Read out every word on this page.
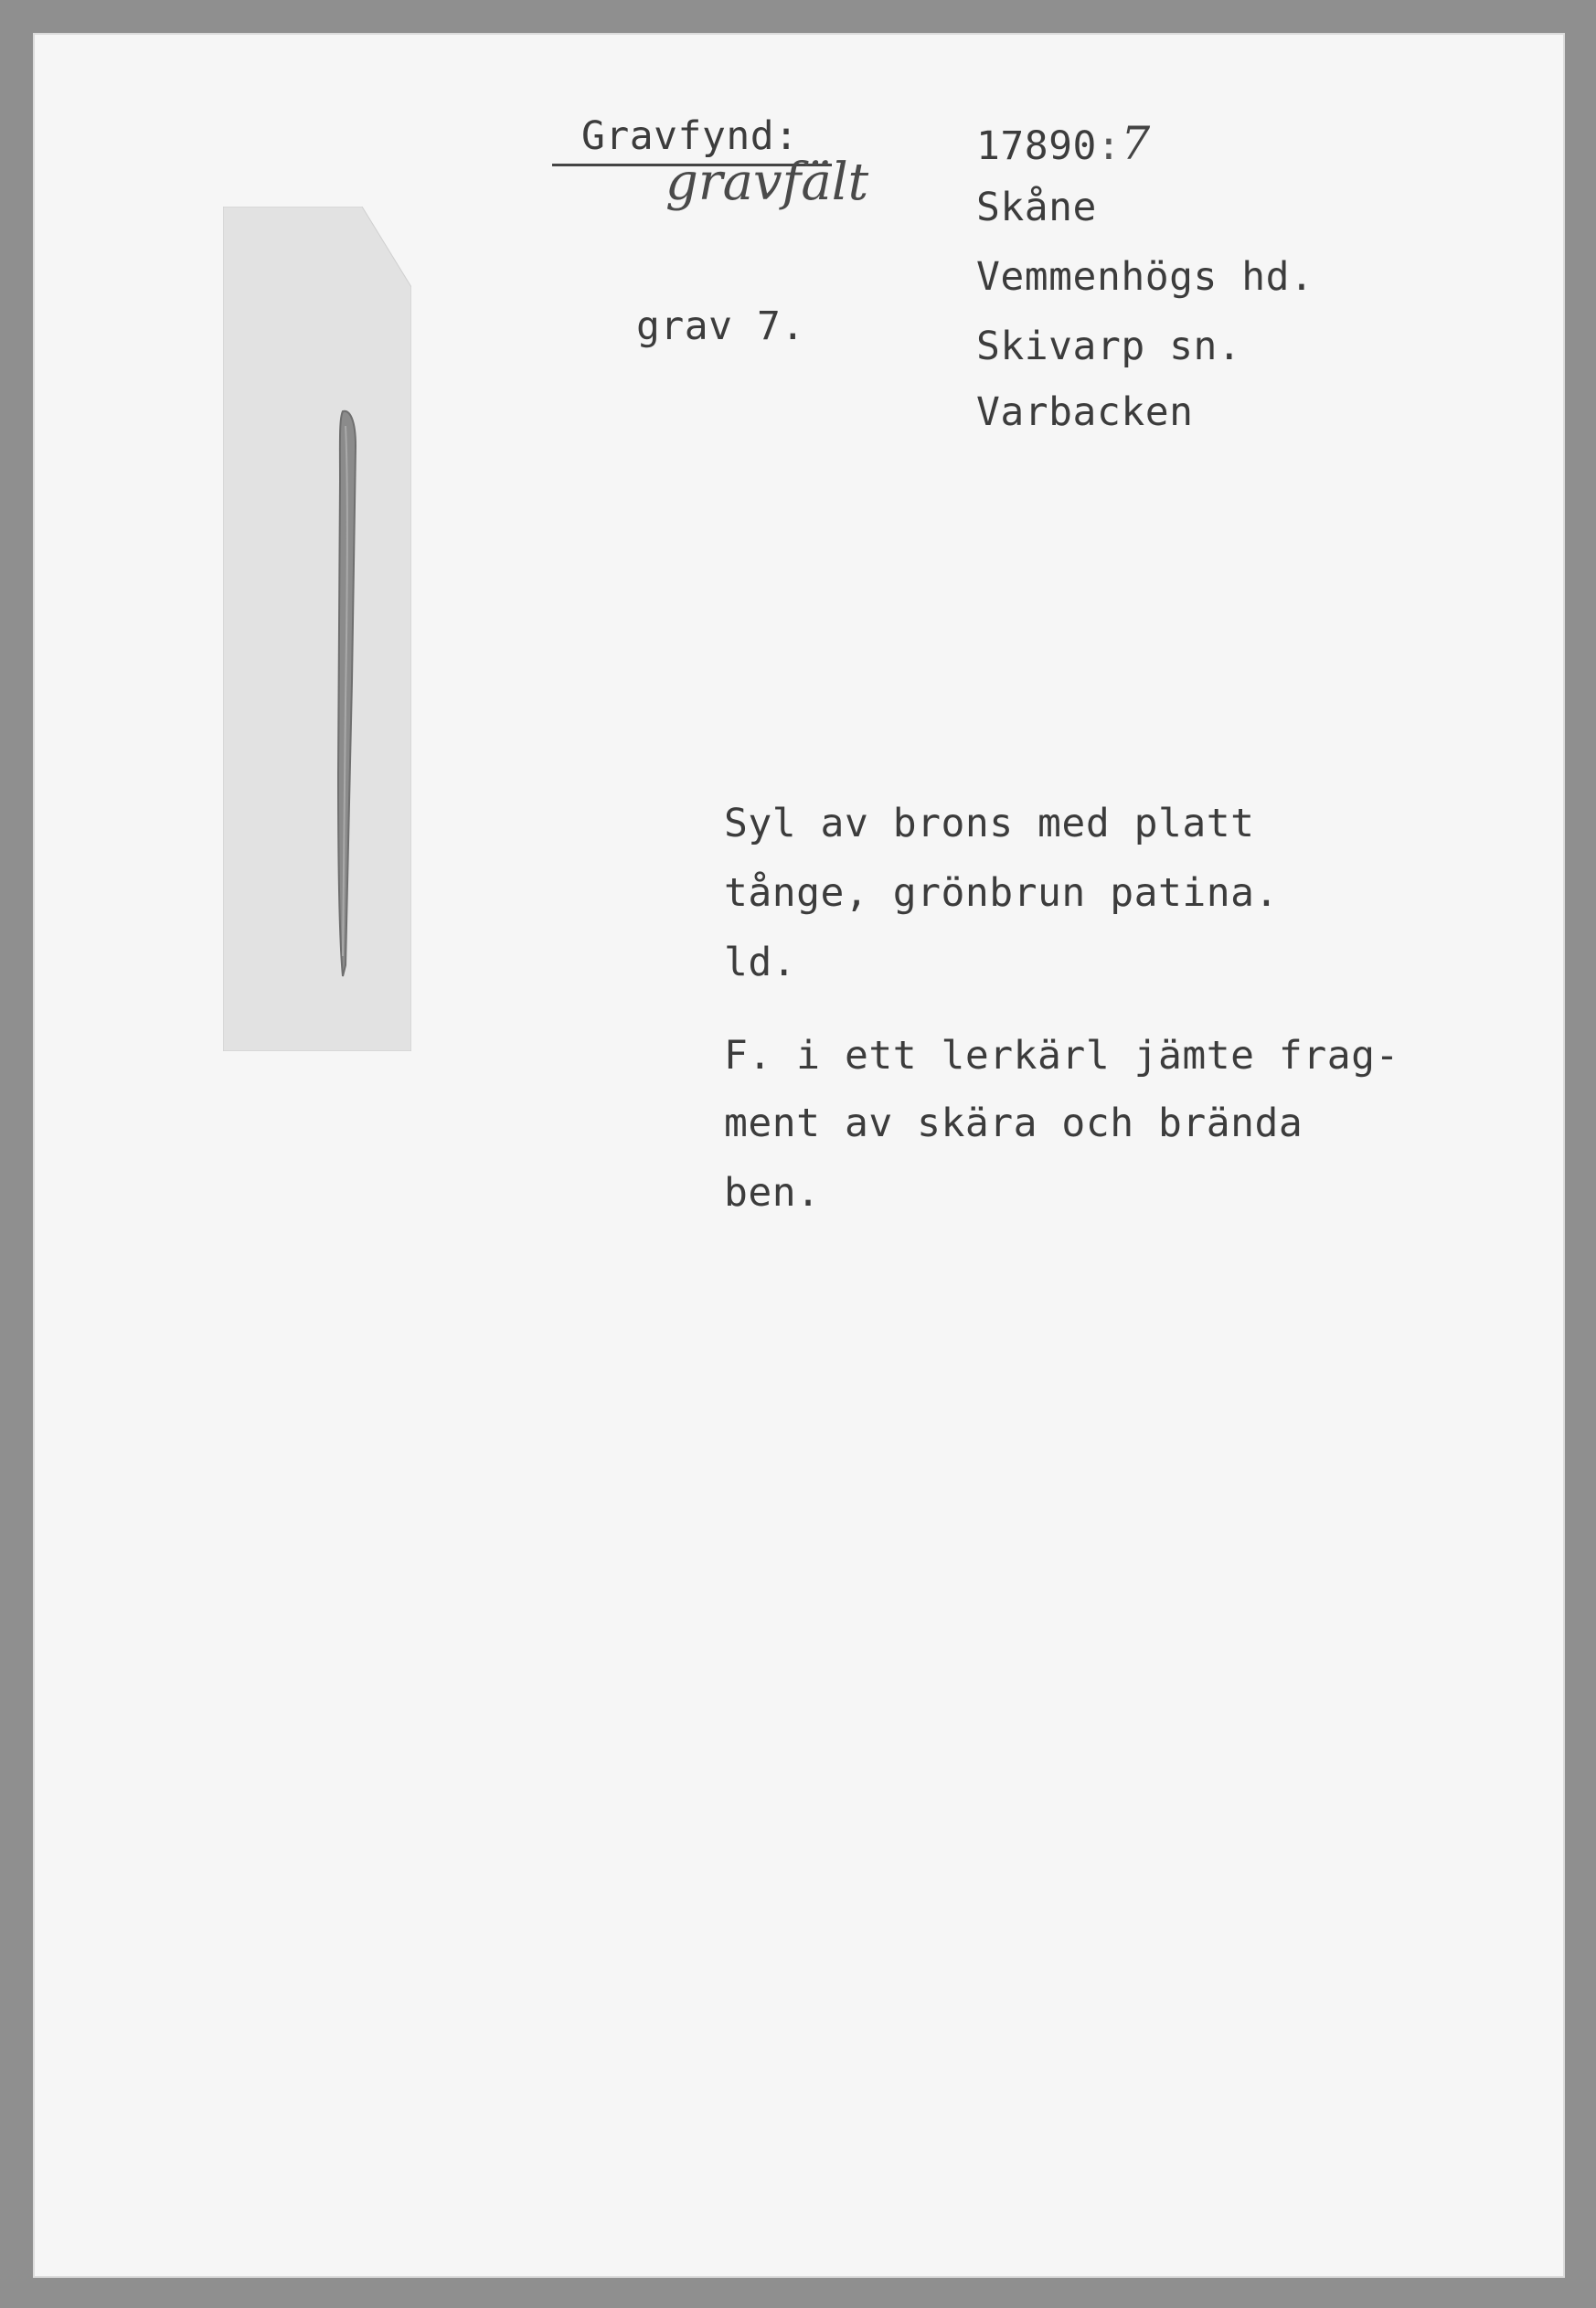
Gravfynd:
gravfält
grav 7.
17890:7
Skåne
Vemmenhögs hd.
Skivarp sn.
Varbacken
Syl av brons med platt
tånge, grönbrun patina.
ld.
F. i ett lerkärl jämte frag-
ment av skära och brända
ben.
